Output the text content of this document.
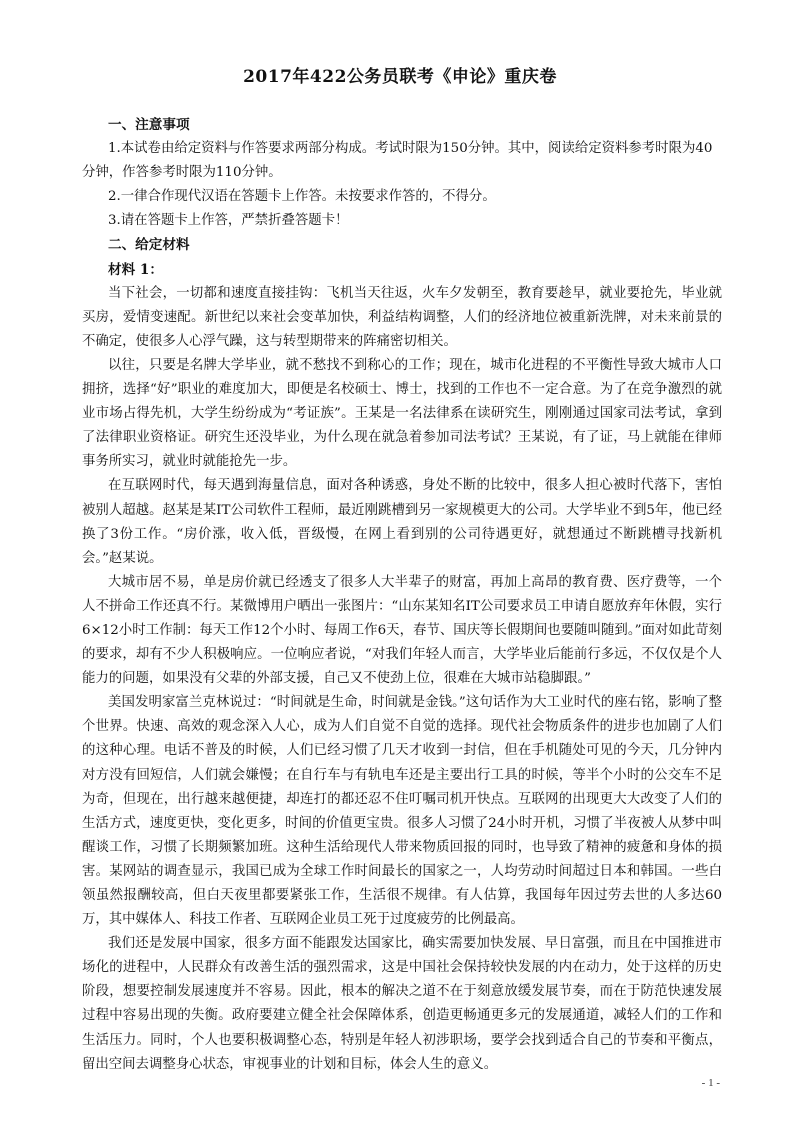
2017年422公务员联考《申论》重庆卷

一、注意事项

1.本试卷由给定资料与作答要求两部分构成。考试时限为150分钟。其中，阅读给定资料参考时限为40分钟，作答参考时限为110分钟。

2.一律合作现代汉语在答题卡上作答。未按要求作答的，不得分。

3.请在答题卡上作答，严禁折叠答题卡！

二、给定材料

材料 1：

当下社会，一切都和速度直接挂钩：飞机当天往返，火车夕发朝至，教育要趁早，就业要抢先，毕业就买房，爱情变速配。新世纪以来社会变革加快，利益结构调整，人们的经济地位被重新洗牌，对未来前景的不确定，使很多人心浮气躁，这与转型期带来的阵痛密切相关。

以往，只要是名牌大学毕业，就不愁找不到称心的工作；现在，城市化进程的不平衡性导致大城市人口拥挤，选择“好”职业的难度加大，即便是名校硕士、博士，找到的工作也不一定合意。为了在竞争激烈的就业市场占得先机，大学生纷纷成为“考证族”。王某是一名法律系在读研究生，刚刚通过国家司法考试，拿到了法律职业资格证。研究生还没毕业，为什么现在就急着参加司法考试？王某说，有了证，马上就能在律师事务所实习，就业时就能抢先一步。

在互联网时代，每天遇到海量信息，面对各种诱惑，身处不断的比较中，很多人担心被时代落下，害怕被别人超越。赵某是某IT公司软件工程师，最近刚跳槽到另一家规模更大的公司。大学毕业不到5年，他已经换了3份工作。“房价涨，收入低，晋级慢，在网上看到别的公司待遇更好，就想通过不断跳槽寻找新机会。”赵某说。

大城市居不易，单是房价就已经透支了很多人大半辈子的财富，再加上高昂的教育费、医疗费等，一个人不拼命工作还真不行。某微博用户晒出一张图片：“山东某知名IT公司要求员工申请自愿放弃年休假，实行6×12小时工作制：每天工作12个小时、每周工作6天，春节、国庆等长假期间也要随叫随到。”面对如此苛刻的要求，却有不少人积极响应。一位响应者说，“对我们年轻人而言，大学毕业后能前行多远，不仅仅是个人能力的问题，如果没有父辈的外部支援，自己又不使劲上位，很难在大城市站稳脚跟。”

美国发明家富兰克林说过：“时间就是生命，时间就是金钱。”这句话作为大工业时代的座右铭，影响了整个世界。快速、高效的观念深入人心，成为人们自觉不自觉的选择。现代社会物质条件的进步也加剧了人们的这种心理。电话不普及的时候，人们已经习惯了几天才收到一封信，但在手机随处可见的今天，几分钟内对方没有回短信，人们就会嫌慢；在自行车与有轨电车还是主要出行工具的时候，等半个小时的公交车不足为奇，但现在，出行越来越便捷，却连打的都还忍不住叮嘱司机开快点。互联网的出现更大大改变了人们的生活方式，速度更快，变化更多，时间的价值更宝贵。很多人习惯了24小时开机，习惯了半夜被人从梦中叫醒谈工作，习惯了长期频繁加班。这种生活给现代人带来物质回报的同时，也导致了精神的疲惫和身体的损害。某网站的调查显示，我国已成为全球工作时间最长的国家之一，人均劳动时间超过日本和韩国。一些白领虽然报酬较高，但白天夜里都要紧张工作，生活很不规律。有人估算，我国每年因过劳去世的人多达60万，其中媒体人、科技工作者、互联网企业员工死于过度疲劳的比例最高。

我们还是发展中国家，很多方面不能跟发达国家比，确实需要加快发展、早日富强，而且在中国推进市场化的进程中，人民群众有改善生活的强烈需求，这是中国社会保持较快发展的内在动力，处于这样的历史阶段，想要控制发展速度并不容易。因此，根本的解决之道不在于刻意放缓发展节奏，而在于防范快速发展过程中容易出现的失衡。政府要建立健全社会保障体系，创造更畅通更多元的发展通道，减轻人们的工作和生活压力。同时，个人也要积极调整心态，特别是年轻人初涉职场，要学会找到适合自己的节奏和平衡点，留出空间去调整身心状态，审视事业的计划和目标，体会人生的意义。

- 1 -
